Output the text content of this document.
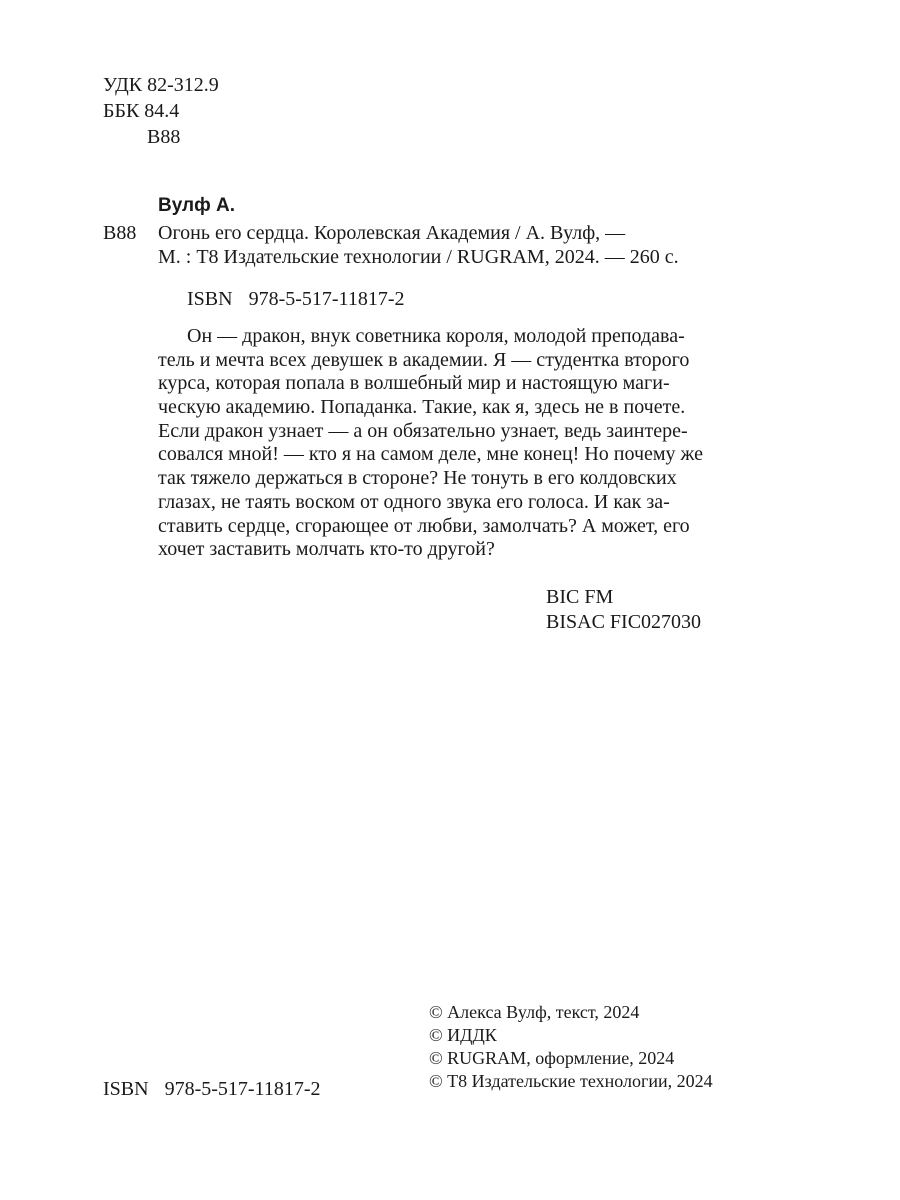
УДК 82-312.9
ББК 84.4
В88
Вулф А.
В88 Огонь его сердца. Королевская Академия / А. Вулф, —
М. : Т8 Издательские технологии / RUGRAM, 2024. — 260 с.
ISBN 978-5-517-11817-2
Он — дракон, внук советника короля, молодой преподава-
тель и мечта всех девушек в академии. Я — студентка второго
курса, которая попала в волшебный мир и настоящую маги-
ческую академию. Попаданка. Такие, как я, здесь не в почете.
Если дракон узнает — а он обязательно узнает, ведь заинтере-
совался мной! — кто я на самом деле, мне конец! Но почему же
так тяжело держаться в стороне? Не тонуть в его колдовских
глазах, не таять воском от одного звука его голоса. И как за-
ставить сердце, сгорающее от любви, замолчать? А может, его
хочет заставить молчать кто-то другой?
BIC FM
BISAC FIC027030
© Алекса Вулф, текст, 2024
© ИДДК
© RUGRAM, оформление, 2024
© Т8 Издательские технологии, 2024
ISBN 978-5-517-11817-2
